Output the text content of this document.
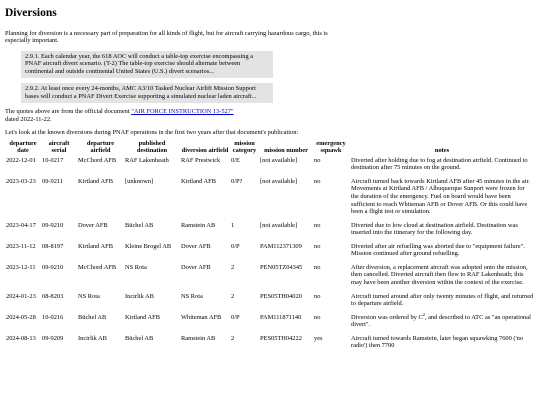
Diversions

Planning for diversion is a necessary part of preparation for all kinds of flight, but for aircraft carrying hazardous cargo, this is especially important.

2.9.1. Each calendar year, the 618 AOC will conduct a table-top exercise encompassing a PNAF aircraft divert scenario. (T-2) The table-top exercise should alternate between continental and outside continental United States (U.S.) divert scenarios...

2.9.2. At least once every 24-months, AMC A3/10 Tasked Nuclear Airlift Mission Support bases will conduct a PNAF Divert Exercise supporting a simulated nuclear laden aircraft...

The quotes above are from the official document "AIR FORCE INSTRUCTION 13-527"
dated 2022-11-22.

Let's look at the known diversions during PNAF operations in the first two years after that document's publication:

departure date	aircraft serial	departure airfield	published destination	diversion airfield	mission category	mission number	emergency squawk	notes
2022-12-01	10-0217	McChord AFB	RAF Lakenheath	RAF Prestwick	0/E	[not available]	no	Diverted after holding due to fog at destination airfield. Continued to destination after 75 minutes on the ground.
2023-03-23	09-9211	Kirtland AFB	[unknown]	Kirtland AFB	0/P?	[not available]	no	Aircraft turned back towards Kirtland AFB after 45 minutes in the air. Movements at Kirtland AFB / Albuquerque Sunport were frozen for the duration of the emergency. Fuel on board would have been sufficient to reach Whiteman AFB or Dover AFB. Or this could have been a flight test or simulation.
2023-04-17	09-9210	Dover AFB	Büchel AB	Ramstein AB	1	[not available]	no	Diverted due to low cloud at destination airfield. Destination was inserted into the itinerary for the following day.
2023-11-12	08-8197	Kirtland AFB	Kleine Brogel AB	Dover AFB	0/P	PAM112371309	no	Diverted after air refuelling was aborted due to "equipment failure". Mission continued after ground refuelling.
2023-12-11	09-9210	McChord AFB	NS Rota	Dover AFB	2	PEN05TZ04345	no	After diversion, a replacement aircraft was adopted onto the mission, then cancelled. Diverted aircraft then flew to RAF Lakenheath; this may have been another diversion within the context of the exercise.
2024-01-23	08-8203	NS Rota	Incirlik AB	NS Rota	2	PES05TH04020	no	Aircraft turned around after only twenty minutes of flight, and returned to departure airfield.
2024-05-28	10-0216	Büchel AB	Kirtland AFB	Whiteman AFB	0/P	PAM111871140	no	Diversion was ordered by $C^2$, and described to ATC as "an operational divert".
2024-08-13	09-9209	Incirlik AB	Büchel AB	Ramstein AB	2	PES05TH04222	yes	Aircraft turned towards Ramstein, later began squawking 7600 ('no radio') then 7700
